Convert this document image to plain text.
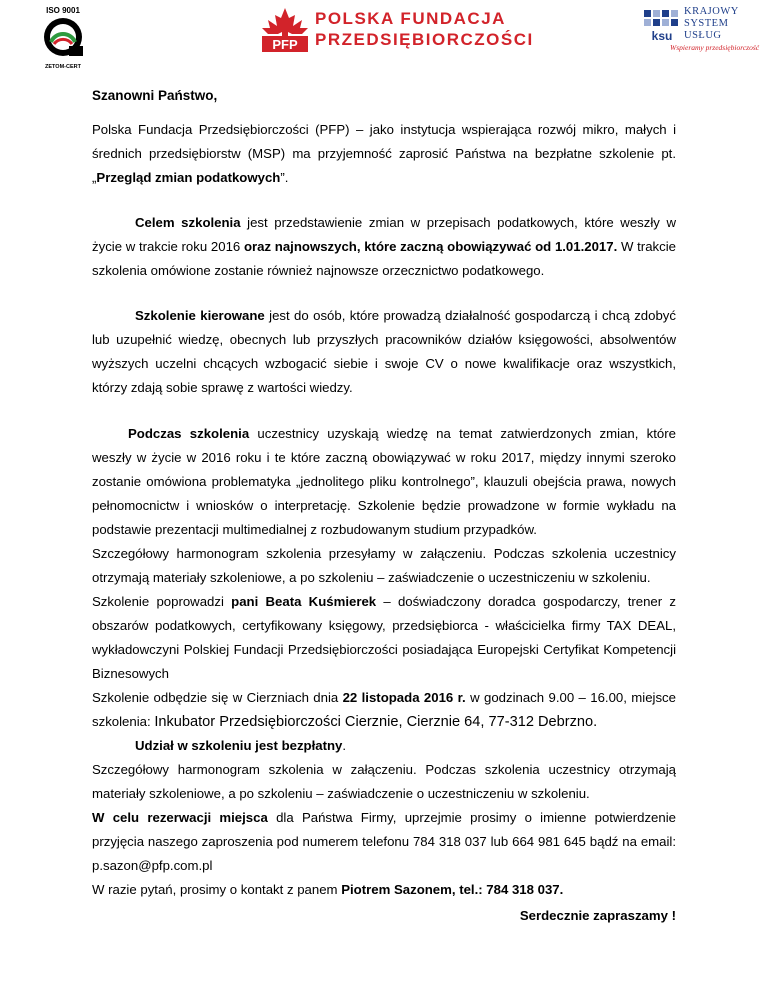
ISO 9001
ZETOM-CERT
PFP
POLSKA FUNDACJA
PRZEDSIĘBIORCZOŚCI	ksu
KRAJOWY
SYSTEM
USŁUG
Wspieramy przedsiębiorczość

Szanowni Państwo,

Polska Fundacja Przedsiębiorczości (PFP) – jako instytucja wspierająca rozwój mikro, małych i średnich przedsiębiorstw (MSP) ma przyjemność zaprosić Państwa na bezpłatne szkolenie pt. „Przegląd zmian podatkowych”.

Celem szkolenia jest przedstawienie zmian w przepisach podatkowych, które weszły w życie w trakcie roku 2016 oraz najnowszych, które zaczną obowiązywać od 1.01.2017. W trakcie szkolenia omówione zostanie również najnowsze orzecznictwo podatkowego.

Szkolenie kierowane jest do osób, które prowadzą działalność gospodarczą i chcą zdobyć lub uzupełnić wiedzę, obecnych lub przyszłych pracowników działów księgowości, absolwentów wyższych uczelni chcących wzbogacić siebie i swoje CV o nowe kwalifikacje oraz wszystkich, którzy zdają sobie sprawę z wartości wiedzy.

Podczas szkolenia uczestnicy uzyskają wiedzę na temat zatwierdzonych zmian, które weszły w życie w 2016 roku i te które zaczną obowiązywać w roku 2017, między innymi szeroko zostanie omówiona problematyka „jednolitego pliku kontrolnego”, klauzuli obejścia prawa, nowych pełnomocnictw i wniosków o interpretację. Szkolenie będzie prowadzone w formie wykładu na podstawie prezentacji multimedialnej z rozbudowanym studium przypadków.

Szczegółowy harmonogram szkolenia przesyłamy w załączeniu. Podczas szkolenia uczestnicy otrzymają materiały szkoleniowe, a po szkoleniu – zaświadczenie o uczestniczeniu w szkoleniu.

Szkolenie poprowadzi pani Beata Kuśmierek – doświadczony doradca gospodarczy, trener z obszarów podatkowych, certyfikowany księgowy, przedsiębiorca - właścicielka firmy TAX DEAL, wykładowczyni Polskiej Fundacji Przedsiębiorczości posiadająca Europejski Certyfikat Kompetencji Biznesowych

Szkolenie odbędzie się w Cierzniach dnia 22 listopada 2016 r. w godzinach 9.00 – 16.00, miejsce szkolenia: Inkubator Przedsiębiorczości Cierznie, Cierznie 64, 77-312 Debrzno.

Udział w szkoleniu jest bezpłatny.

Szczegółowy harmonogram szkolenia w załączeniu. Podczas szkolenia uczestnicy otrzymają materiały szkoleniowe, a po szkoleniu – zaświadczenie o uczestniczeniu w szkoleniu.

W celu rezerwacji miejsca dla Państwa Firmy, uprzejmie prosimy o imienne potwierdzenie przyjęcia naszego zaproszenia pod numerem telefonu 784 318 037 lub 664 981 645 bądź na email: p.sazon@pfp.com.pl

W razie pytań, prosimy o kontakt z panem Piotrem Sazonem, tel.: 784 318 037.

Serdecznie zapraszamy !
